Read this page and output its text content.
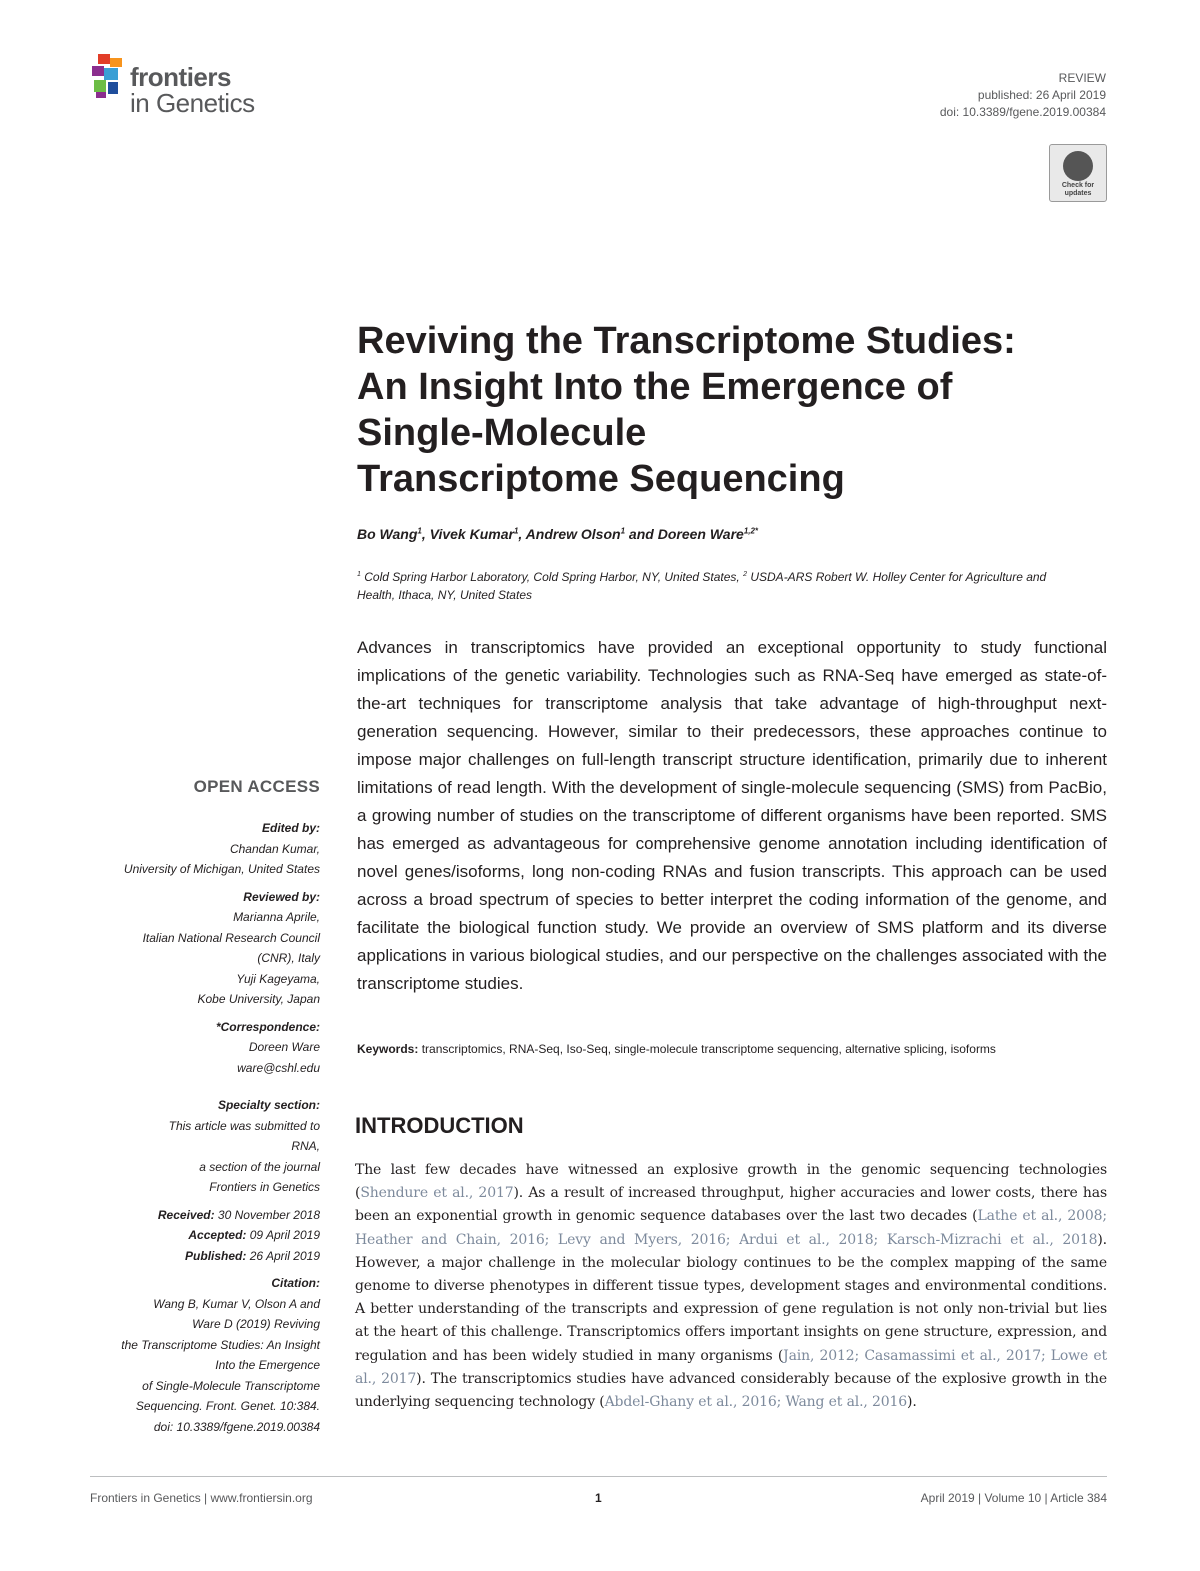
frontiers
in Genetics
REVIEW
published: 26 April 2019
doi: 10.3389/fgene.2019.00384
Check for updates
Reviving the Transcriptome Studies:
An Insight Into the Emergence of
Single-Molecule
Transcriptome Sequencing
Bo Wang$^1$, Vivek Kumar$^1$, Andrew Olson$^1$ and Doreen Ware$^{1,2*}$
$^1$ Cold Spring Harbor Laboratory, Cold Spring Harbor, NY, United States, $^2$ USDA-ARS Robert W. Holley Center for Agriculture and Health, Ithaca, NY, United States
Advances in transcriptomics have provided an exceptional opportunity to study functional implications of the genetic variability. Technologies such as RNA-Seq have emerged as state-of-the-art techniques for transcriptome analysis that take advantage of high-throughput next-generation sequencing. However, similar to their predecessors, these approaches continue to impose major challenges on full-length transcript structure identification, primarily due to inherent limitations of read length. With the development of single-molecule sequencing (SMS) from PacBio, a growing number of studies on the transcriptome of different organisms have been reported. SMS has emerged as advantageous for comprehensive genome annotation including identification of novel genes/isoforms, long non-coding RNAs and fusion transcripts. This approach can be used across a broad spectrum of species to better interpret the coding information of the genome, and facilitate the biological function study. We provide an overview of SMS platform and its diverse applications in various biological studies, and our perspective on the challenges associated with the transcriptome studies.
Keywords: transcriptomics, RNA-Seq, Iso-Seq, single-molecule transcriptome sequencing, alternative splicing, isoforms
INTRODUCTION
The last few decades have witnessed an explosive growth in the genomic sequencing technologies (Shendure et al., 2017). As a result of increased throughput, higher accuracies and lower costs, there has been an exponential growth in genomic sequence databases over the last two decades (Lathe et al., 2008; Heather and Chain, 2016; Levy and Myers, 2016; Ardui et al., 2018; Karsch-Mizrachi et al., 2018). However, a major challenge in the molecular biology continues to be the complex mapping of the same genome to diverse phenotypes in different tissue types, development stages and environmental conditions. A better understanding of the transcripts and expression of gene regulation is not only non-trivial but lies at the heart of this challenge. Transcriptomics offers important insights on gene structure, expression, and regulation and has been widely studied in many organisms (Jain, 2012; Casamassimi et al., 2017; Lowe et al., 2017). The transcriptomics studies have advanced considerably because of the explosive growth in the underlying sequencing technology (Abdel-Ghany et al., 2016; Wang et al., 2016).
OPEN ACCESS

Edited by:

Chandan Kumar,

University of Michigan, United States

Reviewed by:

Marianna Aprile,

Italian National Research Council

(CNR), Italy

Yuji Kageyama,

Kobe University, Japan

*Correspondence:

Doreen Ware

ware@cshl.edu

Specialty section:

This article was submitted to

RNA,

a section of the journal

Frontiers in Genetics

Received: 30 November 2018

Accepted: 09 April 2019

Published: 26 April 2019

Citation:

Wang B, Kumar V, Olson A and

Ware D (2019) Reviving

the Transcriptome Studies: An Insight

Into the Emergence

of Single-Molecule Transcriptome

Sequencing. Front. Genet. 10:384.

doi: 10.3389/fgene.2019.00384

Frontiers in Genetics | www.frontiersin.org	1	April 2019 | Volume 10 | Article 384
